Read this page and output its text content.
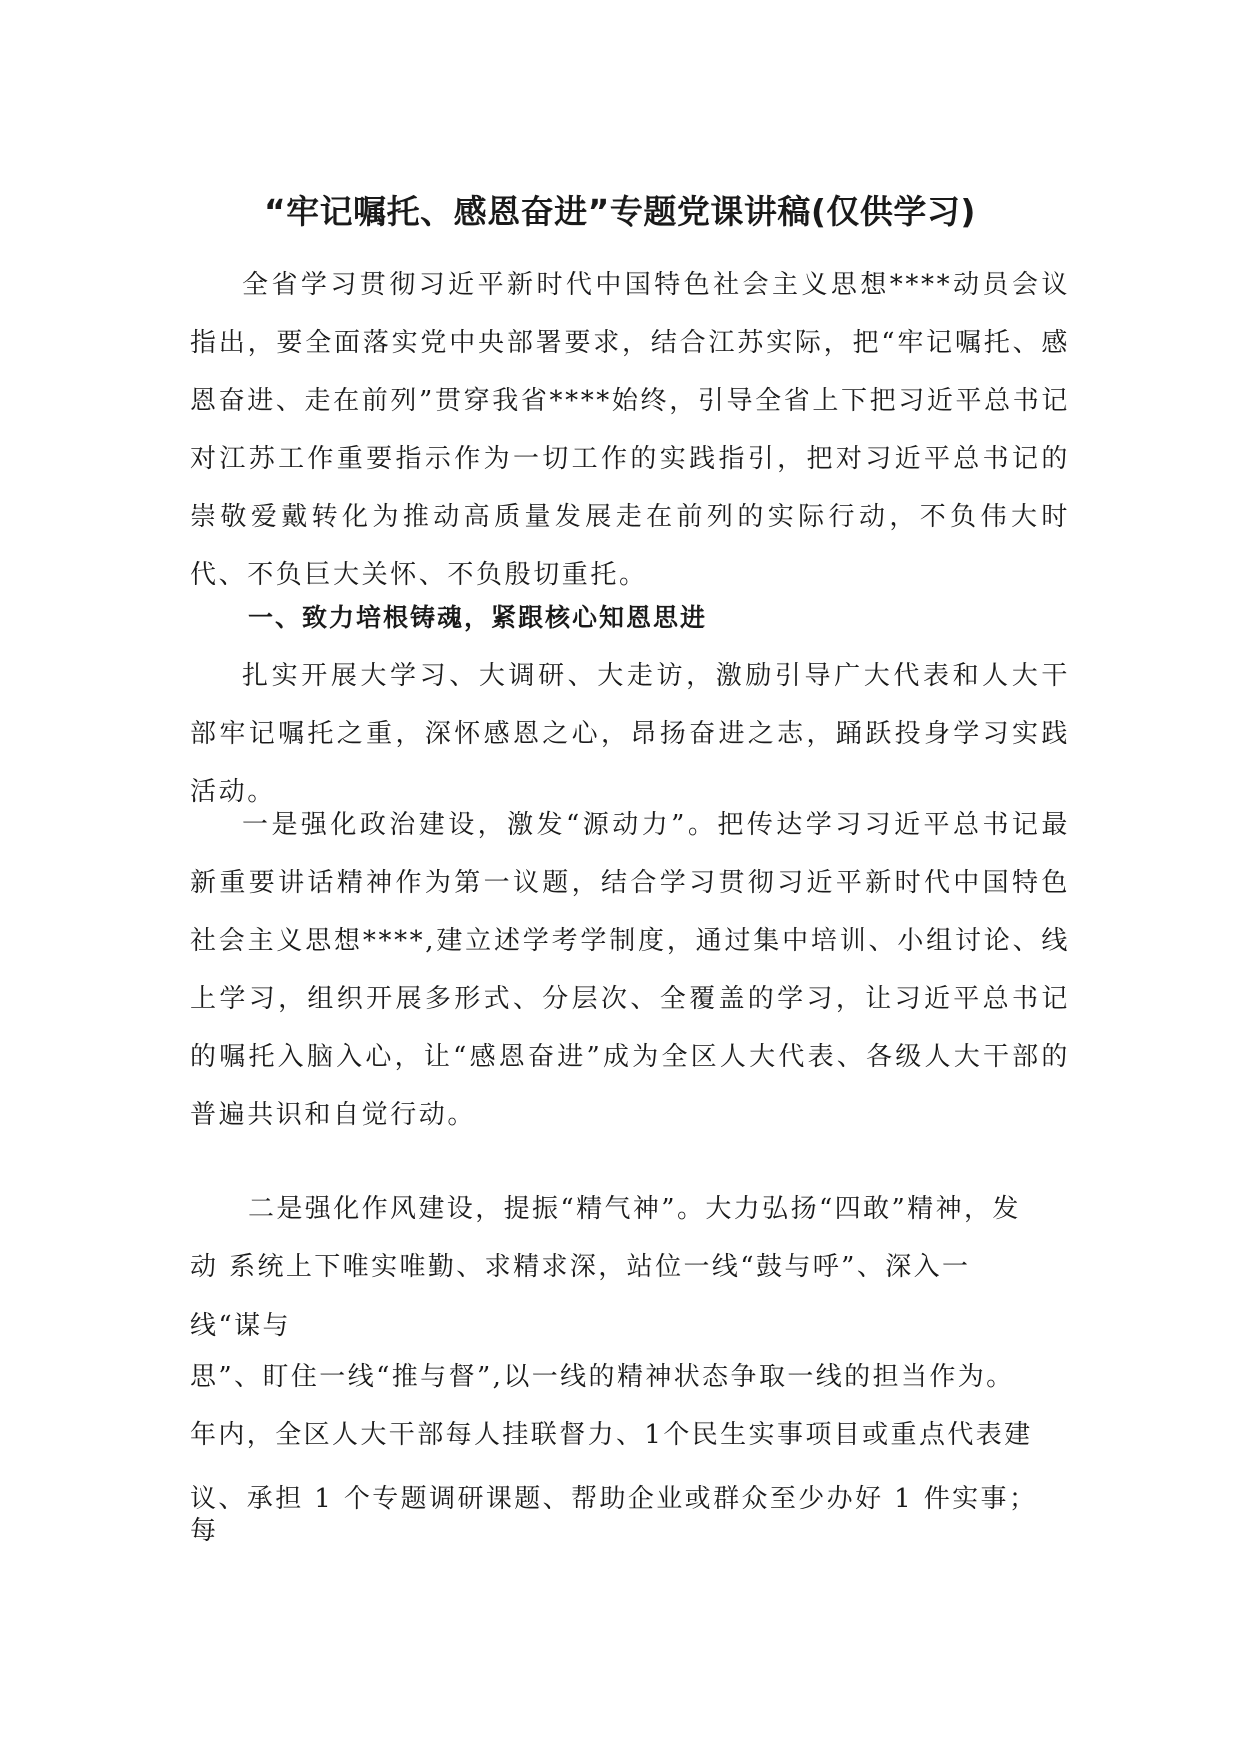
“牢记嘱托、感恩奋进”专题党课讲稿(仅供学习)

全省学习贯彻习近平新时代中国特色社会主义思想****动员会议指出，要全面落实党中央部署要求，结合江苏实际，把“牢记嘱托、感恩奋进、走在前列”贯穿我省****始终，引导全省上下把习近平总书记对江苏工作重要指示作为一切工作的实践指引，把对习近平总书记的崇敬爱戴转化为推动高质量发展走在前列的实际行动，不负伟大时代、不负巨大关怀、不负殷切重托。

一、致力培根铸魂，紧跟核心知恩思进

扎实开展大学习、大调研、大走访，激励引导广大代表和人大干部牢记嘱托之重，深怀感恩之心，昂扬奋进之志，踊跃投身学习实践活动。

一是强化政治建设，激发“源动力”。把传达学习习近平总书记最新重要讲话精神作为第一议题，结合学习贯彻习近平新时代中国特色社会主义思想****,建立述学考学制度，通过集中培训、小组讨论、线上学习，组织开展多形式、分层次、全覆盖的学习，让习近平总书记的嘱托入脑入心，让“感恩奋进”成为全区人大代表、各级人大干部的普遍共识和自觉行动。

二是强化作风建设，提振“精气神”。大力弘扬“四敢”精神，发
动 系统上下唯实唯勤、求精求深，站位一线“鼓与呼”、深入一
线“谋与
思”、盯住一线“推与督”,以一线的精神状态争取一线的担当作为。
年内，全区人大干部每人挂联督力、1个民生实事项目或重点代表建
议、承担 1 个专题调研课题、帮助企业或群众至少办好 1 件实事；
每
